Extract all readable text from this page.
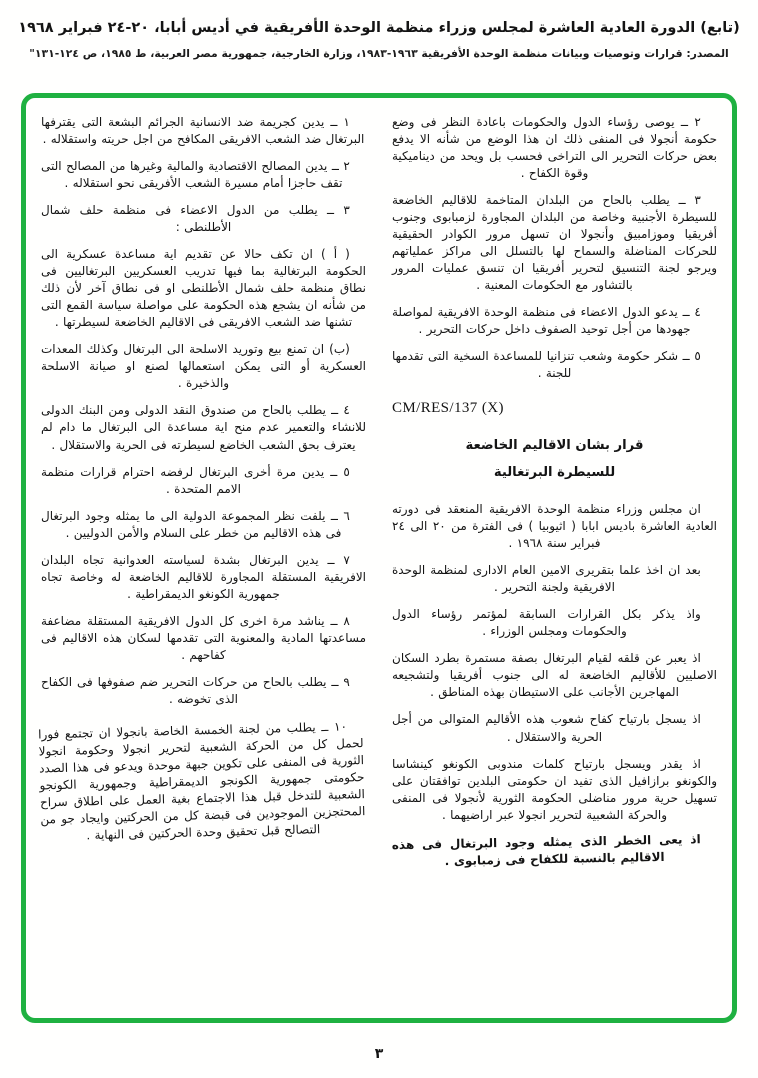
(تابع) الدورة العادية العاشرة لمجلس وزراء منظمة الوحدة الأفريقية في أديس أبابا، ٢٠-٢٤ فبراير ١٩٦٨
المصدر: قرارات وتوصيات وبيانات منظمة الوحدة الأفريقية ١٩٦٣-١٩٨٣، وزارة الخارجية، جمهورية مصر العربية، ط ١٩٨٥، ص ١٢٤-١٣١"

٢ ــ يوصى رؤساء الدول والحكومات باعادة النظر فى وضع حكومة أنجولا فى المنفى ذلك ان هذا الوضع من شأنه الا يدفع بعض حركات التحرير الى التراخى فحسب بل ويحد من ديناميكية وقوة الكفاح .

٣ ــ يطلب بالحاح من البلدان المتاخمة للاقاليم الخاضعة للسيطرة الأجنبية وخاصة من البلدان المجاورة لزمبابوى وجنوب أفريقيا وموزامبيق وأنجولا ان تسهل مرور الكوادر الحقيقية للحركات المناضلة والسماح لها بالتسلل الى مراكز عملياتهم ويرجو لجنة التنسيق لتحرير أفريقيا ان تنسق عمليات المرور بالتشاور مع الحكومات المعنية .

٤ ــ يدعو الدول الاعضاء فى منظمة الوحدة الافريقية لمواصلة جهودها من أجل توحيد الصفوف داخل حركات التحرير .

٥ ــ شكر حكومة وشعب تنزانيا للمساعدة السخية التى تقدمها للجنة .

CM/RES/137 (X)
قرار بشان الاقاليم الخاضعة
للسيطرة البرتغالية

ان مجلس وزراء منظمة الوحدة الافريقية المنعقد فى دورته العادية العاشرة باديس ابابا ( اثيوبيا ) فى الفترة من ٢٠ الى ٢٤ فبراير سنة ١٩٦٨ .

بعد ان اخذ علما بتقريرى الامين العام الادارى لمنظمة الوحدة الافريقية ولجنة التحرير .

واذ يذكر بكل القرارات السابقة لمؤتمر رؤساء الدول والحكومات ومجلس الوزراء .

اذ يعبر عن قلقه لقيام البرتغال بصفة مستمرة بطرد السكان الاصليين للأقاليم الخاضعة له الى جنوب أفريقيا ولتشجيعه المهاجرين الأجانب على الاستيطان بهذه المناطق .

اذ يسجل بارتياح كفاح شعوب هذه الأقاليم المتوالى من أجل الحرية والاستقلال .

اذ يقدر ويسجل بارتياح كلمات مندوبى الكونغو كينشاسا والكونغو برازافيل الذى تفيد ان حكومتى البلدين توافقتان على تسهيل حرية مرور مناضلى الحكومة الثورية لأنجولا فى المنفى والحركة الشعبية لتحرير انجولا عبر اراضيهما .

اذ يعى الخطر الذى يمثله وجود البرتغال فى هذه الاقاليم بالنسبة للكفاح فى زمبابوى .

١ ــ يدين كجريمة ضد الانسانية الجرائم البشعة التى يقترفها البرتغال ضد الشعب الافريقى المكافح من اجل حريته واستقلاله .

٢ ــ يدين المصالح الاقتصادية والمالية وغيرها من المصالح التى تقف حاجزا أمام مسيرة الشعب الأفريقى نحو استقلاله .

٣ ــ يطلب من الدول الاعضاء فى منظمة حلف شمال الأطلنطى :

( أ ) ان تكف حالا عن تقديم اية مساعدة عسكرية الى الحكومة البرتغالية بما فيها تدريب العسكريين البرتغاليين فى نطاق منظمة حلف شمال الأطلنطى او فى نطاق آخر لأن ذلك من شأنه ان يشجع هذه الحكومة على مواصلة سياسة القمع التى تشنها ضد الشعب الافريقى فى الاقاليم الخاضعة لسيطرتها .

(ب) ان تمنع بيع وتوريد الاسلحة الى البرتغال وكذلك المعدات العسكرية أو التى يمكن استعمالها لصنع او صيانة الاسلحة والذخيرة .

٤ ــ يطلب بالحاح من صندوق النقد الدولى ومن البنك الدولى للانشاء والتعمير عدم منح اية مساعدة الى البرتغال ما دام لم يعترف بحق الشعب الخاضع لسيطرته فى الحرية والاستقلال .

٥ ــ يدين مرة أخرى البرتغال لرفضه احترام قرارات منظمة الامم المتحدة .

٦ ــ يلفت نظر المجموعة الدولية الى ما يمثله وجود البرتغال فى هذه الاقاليم من خطر على السلام والأمن الدوليين .

٧ ــ يدين البرتغال بشدة لسياسته العدوانية تجاه البلدان الافريقية المستقلة المجاورة للاقاليم الخاضعة له وخاصة تجاه جمهورية الكونغو الديمقراطية .

٨ ــ يناشد مرة اخرى كل الدول الافريقية المستقلة مضاعفة مساعدتها المادية والمعنوية التى تقدمها لسكان هذه الاقاليم فى كفاحهم .

٩ ــ يطلب بالحاح من حركات التحرير ضم صفوفها فى الكفاح الذى تخوضه .

١٠ ــ يطلب من لجنة الخمسة الخاصة بانجولا ان تجتمع فورا لحمل كل من الحركة الشعبية لتحرير انجولا وحكومة انجولا الثورية فى المنفى على تكوين جبهة موحدة ويدعو فى هذا الصدد حكومتى جمهورية الكونجو الديمقراطية وجمهورية الكونجو الشعبية للتدخل قبل هذا الاجتماع بغية العمل على اطلاق سراح المحتجزين الموجودين فى قبضة كل من الحركتين وايجاد جو من التصالح قبل تحقيق وحدة الحركتين فى النهاية .

٣
